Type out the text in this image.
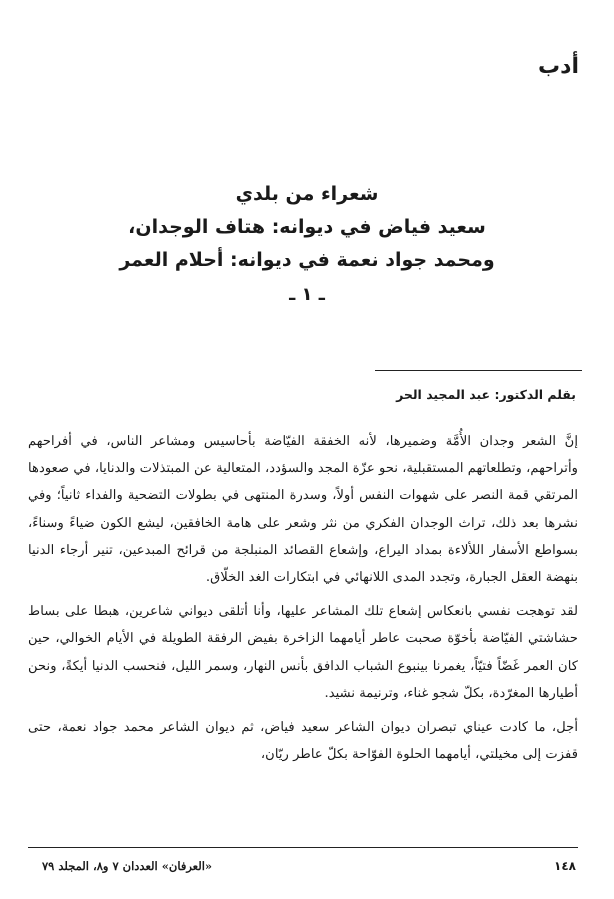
أدب
شعراء من بلدي
سعيد فياض في ديوانه: هتاف الوجدان،
ومحمد جواد نعمة في ديوانه: أحلام العمر
ـ ١ ـ
بقلم الدكتور: عبد المجيد الحر

إنَّ الشعر وجدان الأُمَّة وضميرها، لأنه الخفقة الفيّاضة بأحاسيس ومشاعر الناس، في أفراحهم وأتراحهم، وتطلعاتهم المستقبلية، نحو عزّة المجد والسؤدد، المتعالية عن المبتذلات والدنايا، في صعودها المرتقي قمة النصر على شهوات النفس أولاً، وسدرة المنتهى في بطولات التضحية والفداء ثانياً؛ وفي نشرها بعد ذلك، تراث الوجدان الفكري من نثر وشعر على هامة الخافقين، ليشع الكون ضياءً وسناءً، بسواطع الأسفار اللألاءة بمداد اليراع، وإشعاع القصائد المنبلجة من قرائح المبدعين، تنير أرجاء الدنيا بنهضة العقل الجبارة، وتجدد المدى اللانهائي في ابتكارات الغد الخلّاق.

لقد توهجت نفسي بانعكاس إشعاع تلك المشاعر عليها، وأنا أتلقى ديواني شاعرين، هبطا على بساط حشاشتي الفيّاضة بأخوّة صحبت عاطر أيامهما الزاخرة بفيض الرفقة الطويلة في الأيام الخوالي، حين كان العمر غَضّاً فتيّاً، يغمرنا بينبوع الشباب الدافق بأنس النهار، وسمر الليل، فنحسب الدنيا أيكةً، ونحن أطيارها المغرّدة، بكلّ شجو غناء، وترنيمة نشيد.

أجل، ما كادت عيناي تبصران ديوان الشاعر سعيد فياض، ثم ديوان الشاعر محمد جواد نعمة، حتى قفزت إلى مخيلتي، أيامهما الحلوة الفوّاحة بكلّ عاطر ريّان،

١٤٨
«العرفان» العددان ٧ و٨، المجلد ٧٩
